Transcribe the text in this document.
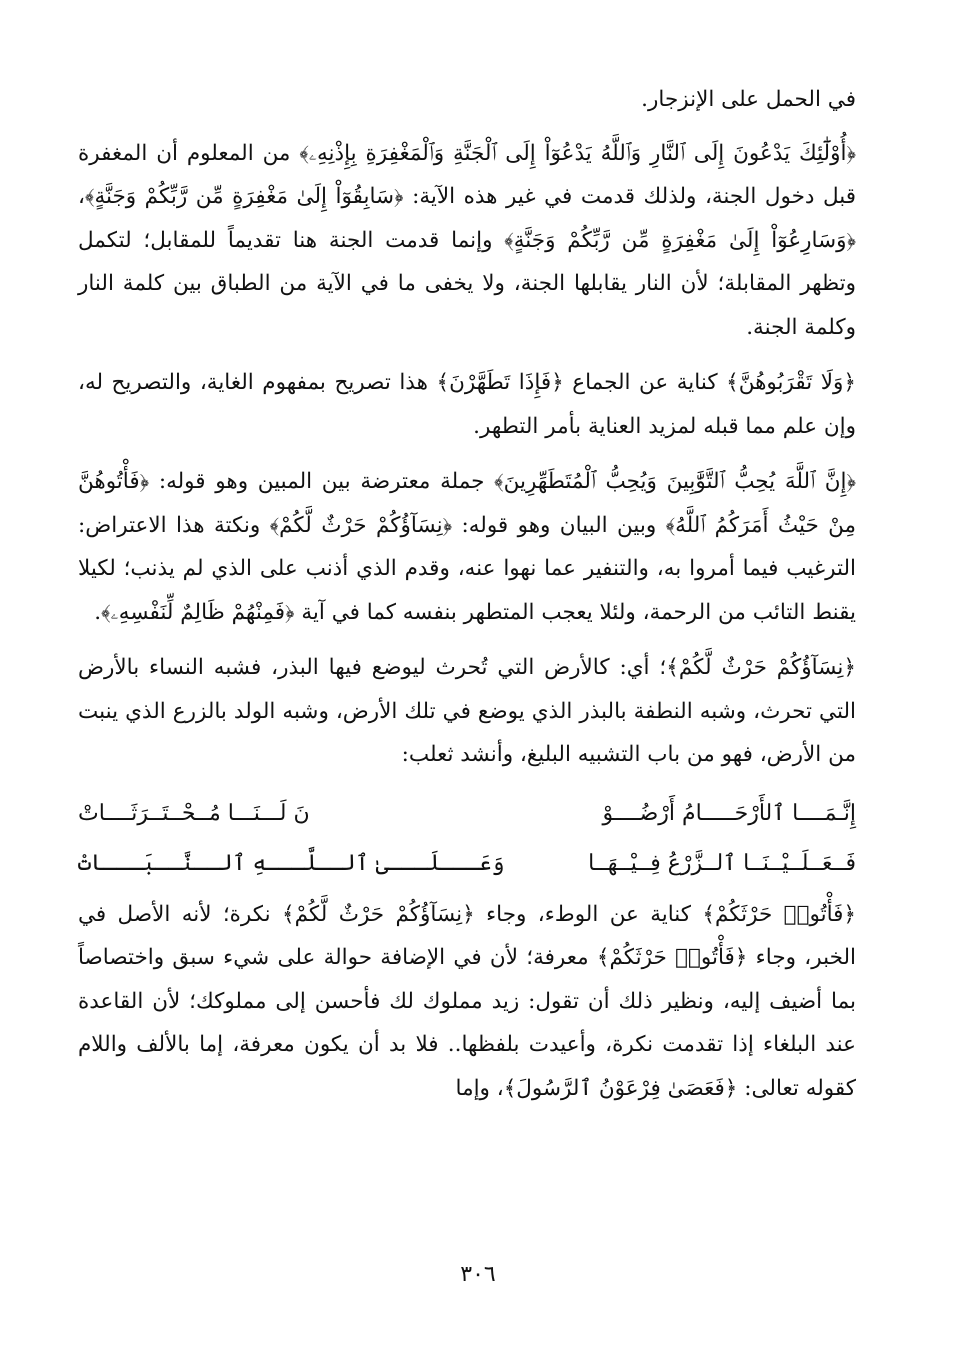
في الحمل على الإنزجار.

﴿أُوْلَٰٓئِكَ يَدْعُونَ إِلَى ٱلنَّارِ وَٱللَّهُ يَدْعُوٓاْ إِلَى ٱلْجَنَّةِ وَٱلْمَغْفِرَةِ بِإِذْنِهِۦ﴾ من المعلوم أن المغفرة قبل دخول الجنة، ولذلك قدمت في غير هذه الآية: ﴿سَابِقُوٓاْ إِلَىٰ مَغْفِرَةٍ مِّن رَّبِّكُمْ وَجَنَّةٍ﴾، ﴿وَسَارِعُوٓاْ إِلَىٰ مَغْفِرَةٍ مِّن رَّبِّكُمْ وَجَنَّةٍ﴾ وإنما قدمت الجنة هنا تقديماً للمقابل؛ لتكمل وتظهر المقابلة؛ لأن النار يقابلها الجنة، ولا يخفى ما في الآية من الطباق بين كلمة النار وكلمة الجنة.

﴿وَلَا تَقْرَبُوهُنَّ﴾ كناية عن الجماع ﴿فَإِذَا تَطَهَّرْنَ﴾ هذا تصريح بمفهوم الغاية، والتصريح له، وإن علم مما قبله لمزيد العناية بأمر التطهر.

﴿إِنَّ ٱللَّهَ يُحِبُّ ٱلتَّوَّٰبِينَ وَيُحِبُّ ٱلْمُتَطَهِّرِينَ﴾ جملة معترضة بين المبين وهو قوله: ﴿فَأْتُوهُنَّ مِنْ حَيْثُ أَمَرَكُمُ ٱللَّهُ﴾ وبين البيان وهو قوله: ﴿نِسَآؤُكُمْ حَرْثٌ لَّكُمْ﴾ ونكتة هذا الاعتراض: الترغيب فيما أمروا به، والتنفير عما نهوا عنه، وقدم الذي أذنب على الذي لم يذنب؛ لكيلا يقنط التائب من الرحمة، ولئلا يعجب المتطهر بنفسه كما في آية ﴿فَمِنْهُمْ ظَالِمٌ لِّنَفْسِهِۦ﴾.

﴿نِسَآؤُكُمْ حَرْثٌ لَّكُمْ﴾؛ أي: كالأرض التي تُحرث ليوضع فيها البذر، فشبه النساء بالأرض التي تحرث، وشبه النطفة بالبذر الذي يوضع في تلك الأرض، وشبه الولد بالزرع الذي ينبت من الأرض، فهو من باب التشبيه البليغ، وأنشد ثعلب:

إِنَّـمَــــا ٱلأَرْحَـــــامُ أَرْضُــــوْ
نَ لَـــنَـــا مُــحْــتَــرَثَــــاتْ
فَــعَــلَــيْــنَــا ٱلــزَّرْعُ فِــيْــهَــا
وَعَـــلَـــىٰ ٱلــلَّـــهِ ٱلــنَّــبَـــاتْ

﴿فَأْتُوا۟ حَرْثَكُمْ﴾ كناية عن الوطء، وجاء ﴿نِسَآؤُكُمْ حَرْثٌ لَّكُمْ﴾ نكرة؛ لأنه الأصل في الخبر، وجاء ﴿فَأْتُوا۟ حَرْثَكُمْ﴾ معرفة؛ لأن في الإضافة حوالة على شيء سبق واختصاصاً بما أضيف إليه، ونظير ذلك أن تقول: زيد مملوك لك فأحسن إلى مملوكك؛ لأن القاعدة عند البلغاء إذا تقدمت نكرة، وأعيدت بلفظها.. فلا بد أن يكون معرفة، إما بالألف واللام كقوله تعالى: ﴿فَعَصَىٰ فِرْعَوْنُ ٱلرَّسُولَ﴾، وإما

٣٠٦
